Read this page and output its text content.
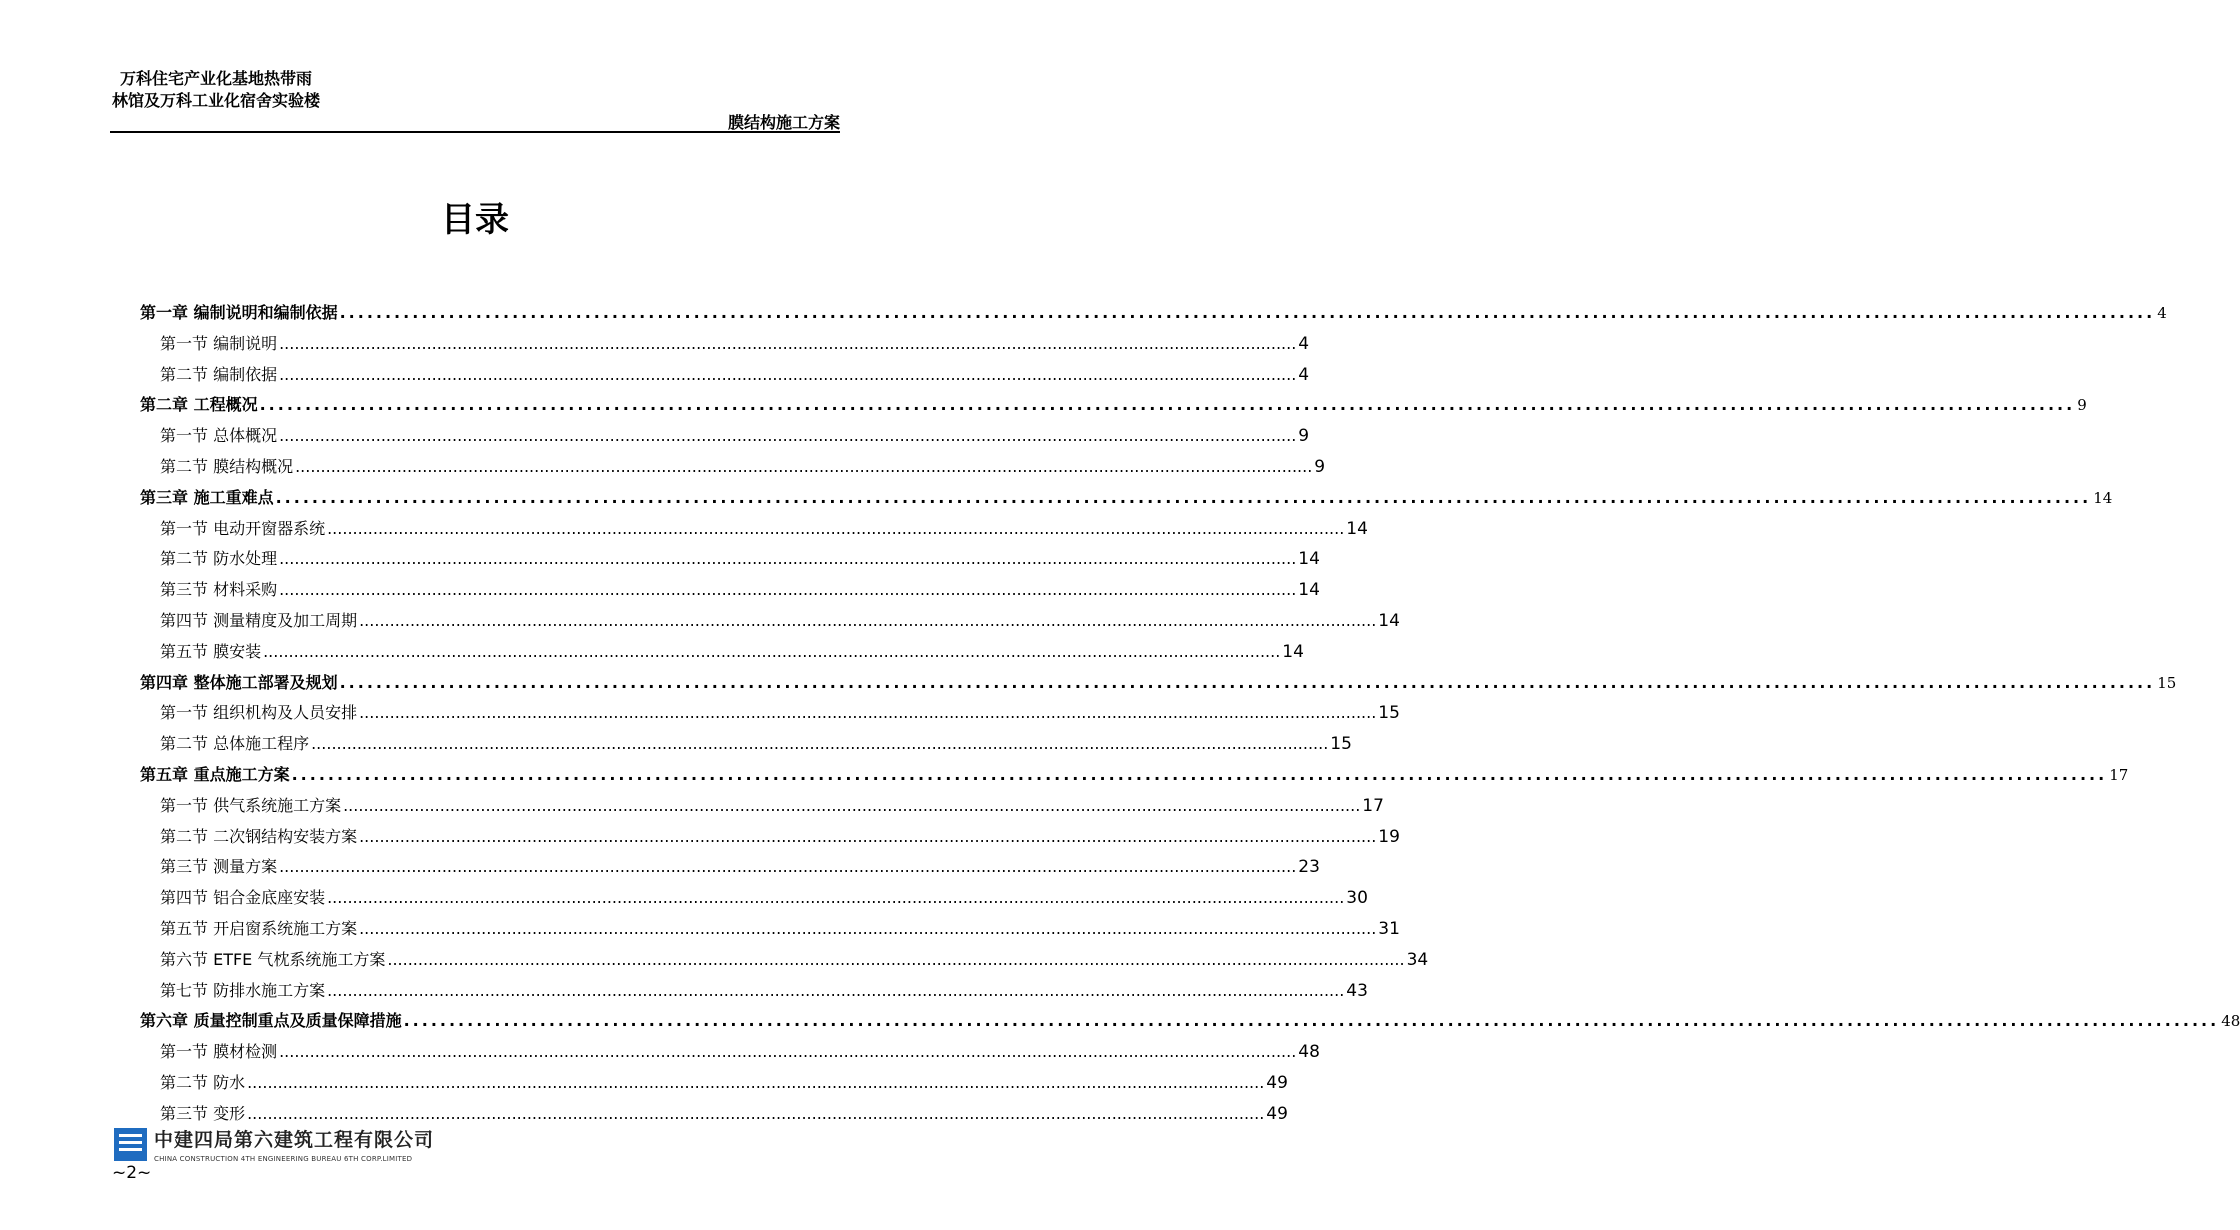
万科住宅产业化基地热带雨
林馆及万科工业化宿舍实验楼
膜结构施工方案
目录
第一章 编制说明和编制依据 ........................................................................................................................................................................................................ 4
第一节 编制说明 ........................................................................................................................................................................................................ 4
第二节 编制依据 ........................................................................................................................................................................................................ 4
第二章 工程概况 ........................................................................................................................................................................................................ 9
第一节 总体概况 ........................................................................................................................................................................................................ 9
第二节 膜结构概况 ........................................................................................................................................................................................................ 9
第三章 施工重难点 ........................................................................................................................................................................................................ 14
第一节 电动开窗器系统 ........................................................................................................................................................................................................ 14
第二节 防水处理 ........................................................................................................................................................................................................ 14
第三节 材料采购 ........................................................................................................................................................................................................ 14
第四节 测量精度及加工周期 ........................................................................................................................................................................................................ 14
第五节 膜安装 ........................................................................................................................................................................................................ 14
第四章 整体施工部署及规划 ........................................................................................................................................................................................................ 15
第一节 组织机构及人员安排 ........................................................................................................................................................................................................ 15
第二节 总体施工程序 ........................................................................................................................................................................................................ 15
第五章 重点施工方案 ........................................................................................................................................................................................................ 17
第一节 供气系统施工方案 ........................................................................................................................................................................................................ 17
第二节 二次钢结构安装方案 ........................................................................................................................................................................................................ 19
第三节 测量方案 ........................................................................................................................................................................................................ 23
第四节 铝合金底座安装 ........................................................................................................................................................................................................ 30
第五节 开启窗系统施工方案 ........................................................................................................................................................................................................ 31
第六节 ETFE 气枕系统施工方案 ........................................................................................................................................................................................................ 34
第七节 防排水施工方案 ........................................................................................................................................................................................................ 43
第六章 质量控制重点及质量保障措施 ........................................................................................................................................................................................................ 48
第一节 膜材检测 ........................................................................................................................................................................................................ 48
第二节 防水 ........................................................................................................................................................................................................ 49
第三节 变形 ........................................................................................................................................................................................................ 49
中建四局第六建筑工程有限公司
CHINA CONSTRUCTION 4TH ENGINEERING BUREAU 6TH CORP.LIMITED
~2~
